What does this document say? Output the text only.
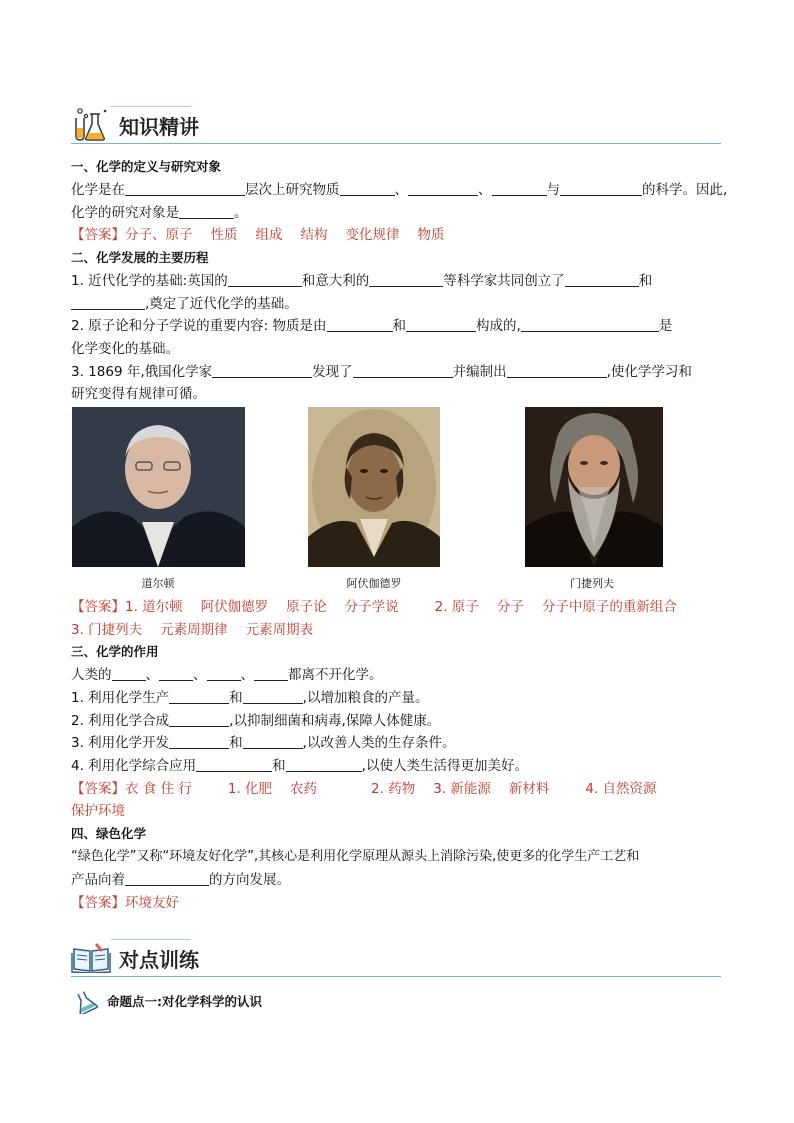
知识精讲
一、化学的定义与研究对象
化学是在	层次上研究物质	、	、	与	的科学。因此,
化学的研究对象是	。
【答案】分子、原子 性质 组成 结构 变化规律 物质
二、化学发展的主要历程
1. 近代化学的基础:英国的	和意大利的	等科学家共同创立了	和
,奠定了近代化学的基础。
2. 原子论和分子学说的重要内容: 物质是由	和	构成的,	是
化学变化的基础。
3. 1869 年,俄国化学家	发现了	并编制出	,使化学学习和
研究变得有规律可循。
道尔顿	阿伏伽德罗	门捷列夫
【答案】1. 道尔顿 阿伏伽德罗 原子论 分子学说	2. 原子 分子 分子中原子的重新组合
3. 门捷列夫 元素周期律 元素周期表
三、化学的作用
人类的	、	、	、	都离不开化学。
1. 利用化学生产	和	,以增加粮食的产量。
2. 利用化学合成	,以抑制细菌和病毒,保障人体健康。
3. 利用化学开发	和	,以改善人类的生存条件。
4. 利用化学综合应用	和	,以使人类生活得更加美好。
【答案】衣 食 住 行	1. 化肥 农药	2. 药物 3. 新能源 新材料	4. 自然资源
保护环境
四、绿色化学
“绿色化学”又称“环境友好化学”,其核心是利用化学原理从源头上消除污染,使更多的化学生产工艺和
产品向着	的方向发展。
【答案】环境友好
对点训练
命题点一:对化学科学的认识
